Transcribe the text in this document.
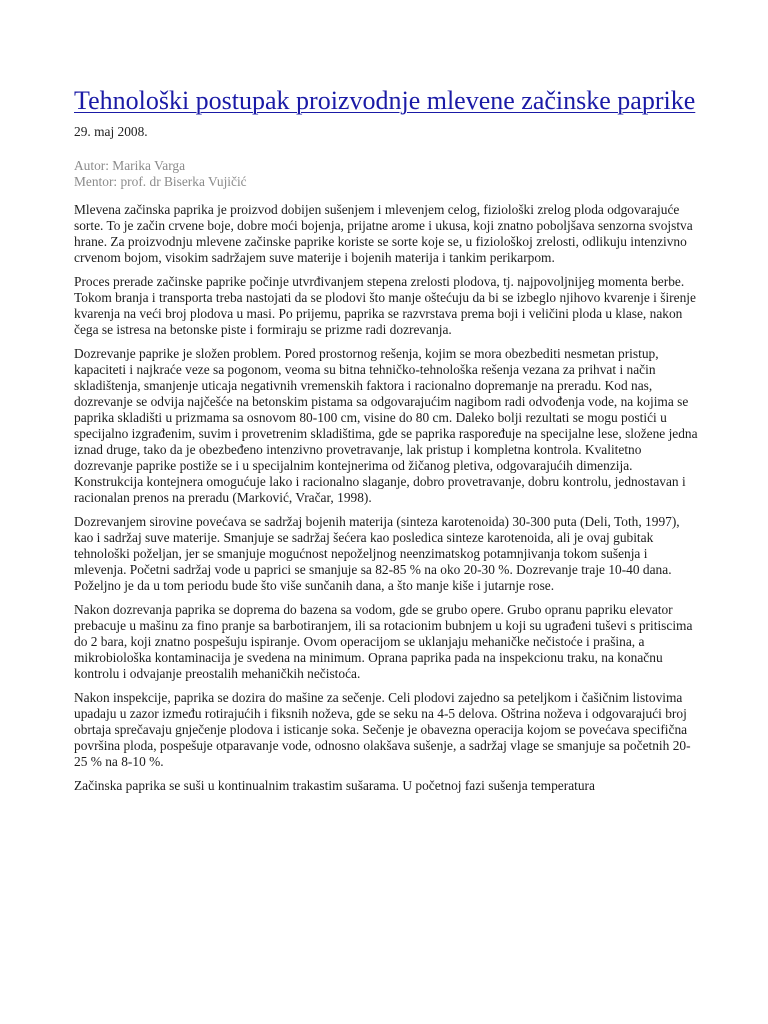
Tehnološki postupak proizvodnje mlevene začinske paprike
29. maj 2008.
Autor: Marika Varga
Mentor: prof. dr Biserka Vujičić

Mlevena začinska paprika je proizvod dobijen sušenjem i mlevenjem celog, fiziološki zrelog ploda odgovarajuće sorte. To je začin crvene boje, dobre moći bojenja, prijatne arome i ukusa, koji znatno poboljšava senzorna svojstva hrane. Za proizvodnju mlevene začinske paprike koriste se sorte koje se, u fiziološkoj zrelosti, odlikuju intenzivno crvenom bojom, visokim sadržajem suve materije i bojenih materija i tankim perikarpom.

Proces prerade začinske paprike počinje utvrđivanjem stepena zrelosti plodova, tj. najpovoljnijeg momenta berbe. Tokom branja i transporta treba nastojati da se plodovi što manje oštećuju da bi se izbeglo njihovo kvarenje i širenje kvarenja na veći broj plodova u masi. Po prijemu, paprika se razvrstava prema boji i veličini ploda u klase, nakon čega se istresa na betonske piste i formiraju se prizme radi dozrevanja.

Dozrevanje paprike je složen problem. Pored prostornog rešenja, kojim se mora obezbediti nesmetan pristup, kapaciteti i najkraće veze sa pogonom, veoma su bitna tehničko-tehnološka rešenja vezana za prihvat i način skladištenja, smanjenje uticaja negativnih vremenskih faktora i racionalno dopremanje na preradu. Kod nas, dozrevanje se odvija najčešće na betonskim pistama sa odgovarajućim nagibom radi odvođenja vode, na kojima se paprika skladišti u prizmama sa osnovom 80-100 cm, visine do 80 cm. Daleko bolji rezultati se mogu postići u specijalno izgrađenim, suvim i provetrenim skladištima, gde se paprika raspoređuje na specijalne lese, složene jedna iznad druge, tako da je obezbeđeno intenzivno provetravanje, lak pristup i kompletna kontrola. Kvalitetno dozrevanje paprike postiže se i u specijalnim kontejnerima od žičanog pletiva, odgovarajućih dimenzija. Konstrukcija kontejnera omogućuje lako i racionalno slaganje, dobro provetravanje, dobru kontrolu, jednostavan i racionalan prenos na preradu (Marković, Vračar, 1998).

Dozrevanjem sirovine povećava se sadržaj bojenih materija (sinteza karotenoida) 30-300 puta (Deli, Toth, 1997), kao i sadržaj suve materije. Smanjuje se sadržaj šećera kao posledica sinteze karotenoida, ali je ovaj gubitak tehnološki poželjan, jer se smanjuje mogućnost nepoželjnog neenzimatskog potamnjivanja tokom sušenja i mlevenja. Početni sadržaj vode u paprici se smanjuje sa 82-85 % na oko 20-30 %. Dozrevanje traje 10-40 dana. Poželjno je da u tom periodu bude što više sunčanih dana, a što manje kiše i jutarnje rose.

Nakon dozrevanja paprika se doprema do bazena sa vodom, gde se grubo opere. Grubo opranu papriku elevator prebacuje u mašinu za fino pranje sa barbotiranjem, ili sa rotacionim bubnjem u koji su ugrađeni tuševi s pritiscima do 2 bara, koji znatno pospešuju ispiranje. Ovom operacijom se uklanjaju mehaničke nečistoće i prašina, a mikrobiološka kontaminacija je svedena na minimum. Oprana paprika pada na inspekcionu traku, na konačnu kontrolu i odvajanje preostalih mehaničkih nečistoća.

Nakon inspekcije, paprika se dozira do mašine za sečenje. Celi plodovi zajedno sa peteljkom i čašičnim listovima upadaju u zazor između rotirajućih i fiksnih noževa, gde se seku na 4-5 delova. Oštrina noževa i odgovarajući broj obrtaja sprečavaju gnječenje plodova i isticanje soka. Sečenje je obavezna operacija kojom se povećava specifična površina ploda, pospešuje otparavanje vode, odnosno olakšava sušenje, a sadržaj vlage se smanjuje sa početnih 20-25 % na 8-10 %.

Začinska paprika se suši u kontinualnim trakastim sušarama. U početnoj fazi sušenja temperatura
